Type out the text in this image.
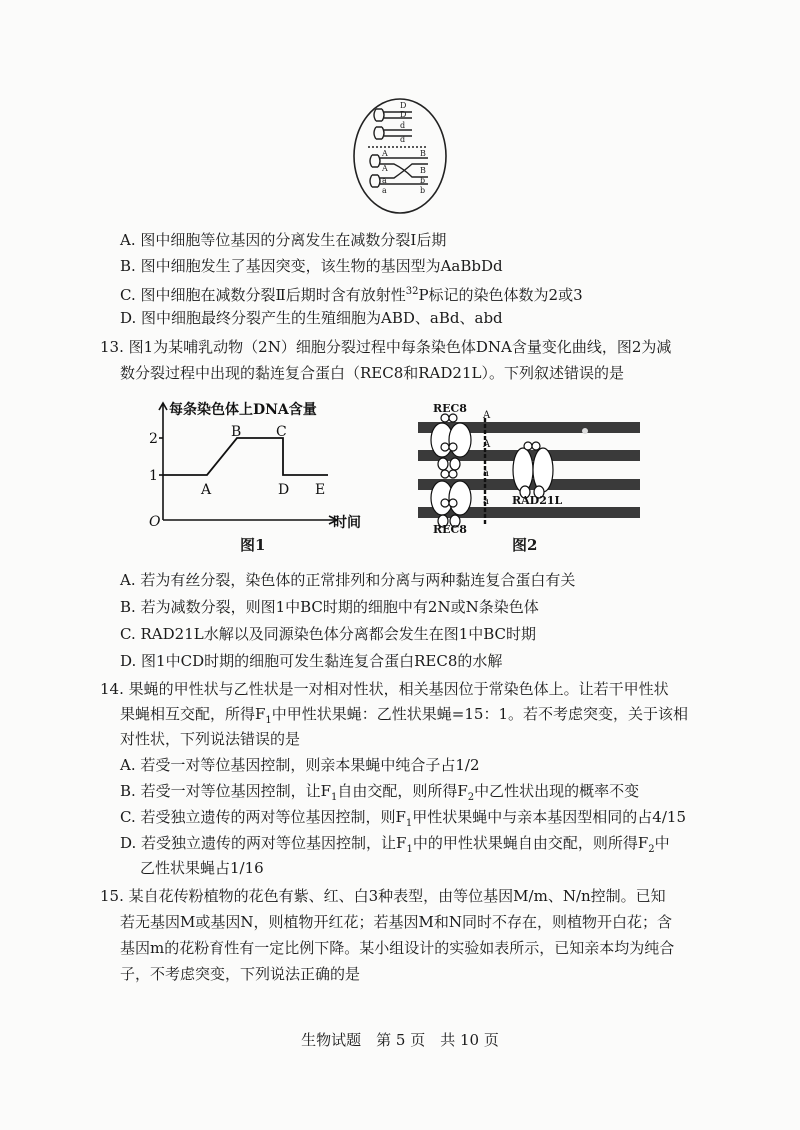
D
D
d
d
A
A
a
a
B
B
b
b
A. 图中细胞等位基因的分离发生在减数分裂Ⅰ后期
B. 图中细胞发生了基因突变，该生物的基因型为AaBbDd
C. 图中细胞在减数分裂Ⅱ后期时含有放射性$^{32}$P标记的染色体数为2或3
D. 图中细胞最终分裂产生的生殖细胞为ABD、aBd、abd
13. 图1为某哺乳动物（2N）细胞分裂过程中每条染色体DNA含量变化曲线，图2为减
数分裂过程中出现的黏连复合蛋白（REC8和RAD21L）。下列叙述错误的是
2
1
O
A
B C
D E
每条染色体上DNA含量
时间
图1
REC8
REC8
RAD21L
A
A
a
a
图2
A. 若为有丝分裂，染色体的正常排列和分离与两种黏连复合蛋白有关
B. 若为减数分裂，则图1中BC时期的细胞中有2N或N条染色体
C. RAD21L水解以及同源染色体分离都会发生在图1中BC时期
D. 图1中CD时期的细胞可发生黏连复合蛋白REC8的水解
14. 果蝇的甲性状与乙性状是一对相对性状，相关基因位于常染色体上。让若干甲性状
果蝇相互交配，所得$F_1$中甲性状果蝇：乙性状果蝇=15：1。若不考虑突变，关于该相
对性状，下列说法错误的是
A. 若受一对等位基因控制，则亲本果蝇中纯合子占1/2
B. 若受一对等位基因控制，让$F_1$自由交配，则所得$F_2$中乙性状出现的概率不变
C. 若受独立遗传的两对等位基因控制，则$F_1$甲性状果蝇中与亲本基因型相同的占4/15
D. 若受独立遗传的两对等位基因控制，让$F_1$中的甲性状果蝇自由交配，则所得$F_2$中
乙性状果蝇占1/16
15. 某自花传粉植物的花色有紫、红、白3种表型，由等位基因M/m、N/n控制。已知
若无基因M或基因N，则植物开红花；若基因M和N同时不存在，则植物开白花；含
基因m的花粉育性有一定比例下降。某小组设计的实验如表所示，已知亲本均为纯合
子，不考虑突变，下列说法正确的是
生物试题　第 5 页　共 10 页
